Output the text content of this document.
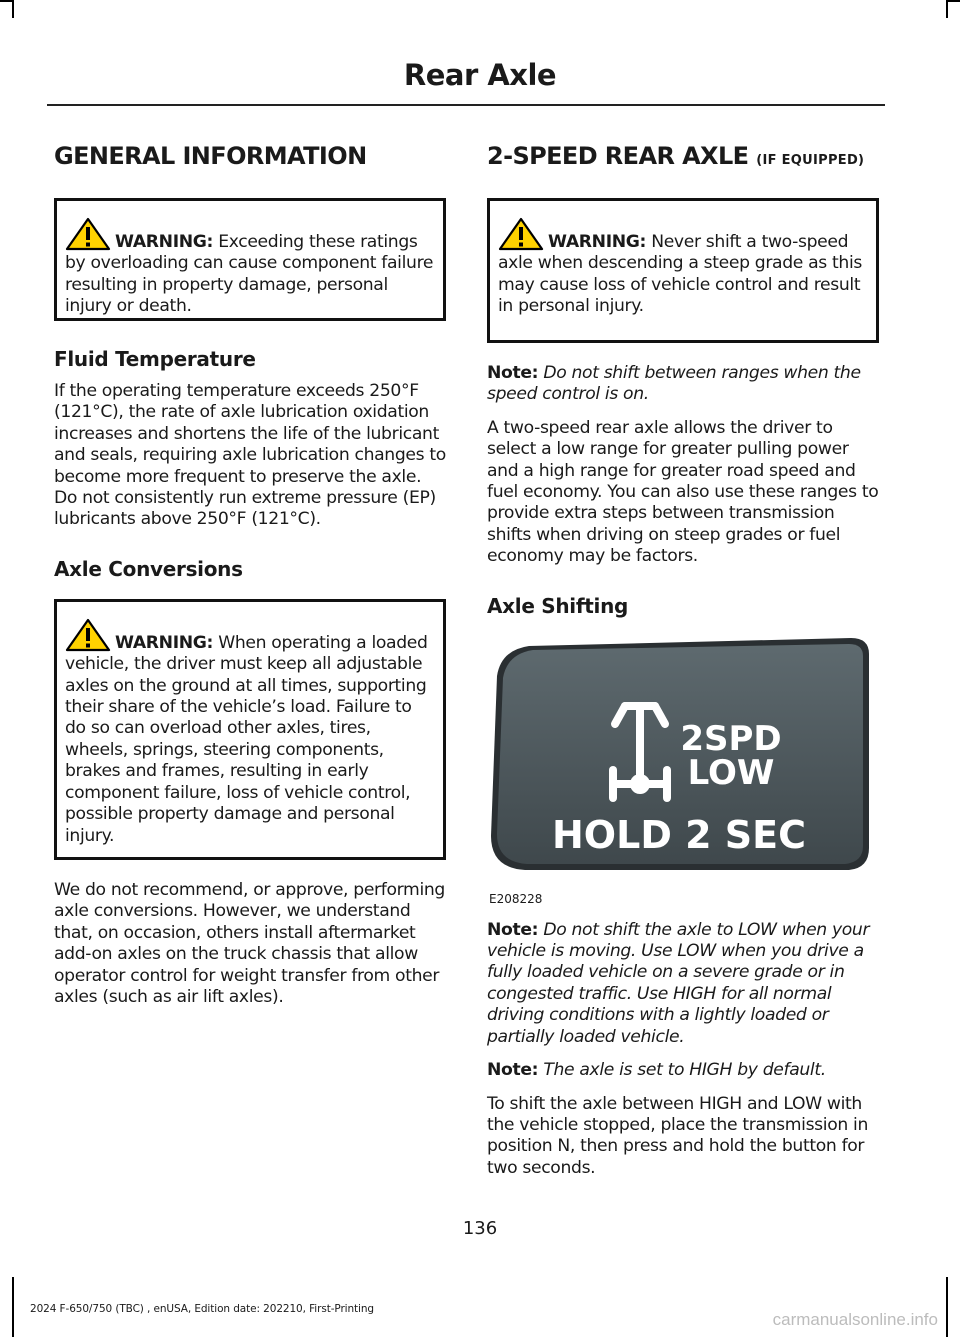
Rear Axle
GENERAL INFORMATION

WARNING: Exceeding these ratings by overloading can cause component failure resulting in property damage, personal injury or death.

Fluid Temperature

If the operating temperature exceeds 250°F (121°C), the rate of axle lubrication oxidation increases and shortens the life of the lubricant and seals, requiring axle lubrication changes to become more frequent to preserve the axle. Do not consistently run extreme pressure (EP) lubricants above 250°F (121°C).

Axle Conversions

WARNING: When operating a loaded vehicle, the driver must keep all adjustable axles on the ground at all times, supporting their share of the vehicle’s load. Failure to do so can overload other axles, tires, wheels, springs, steering components, brakes and frames, resulting in early component failure, loss of vehicle control, possible property damage and personal injury.

We do not recommend, or approve, performing axle conversions. However, we understand that, on occasion, others install aftermarket add-on axles on the truck chassis that allow operator control for weight transfer from other axles (such as air lift axles).

2-SPEED REAR AXLE (IF EQUIPPED)

WARNING: Never shift a two-speed axle when descending a steep grade as this may cause loss of vehicle control and result in personal injury.

Note: Do not shift between ranges when the speed control is on.

A two-speed rear axle allows the driver to select a low range for greater pulling power and a high range for greater road speed and fuel economy. You can also use these ranges to provide extra steps between transmission shifts when driving on steep grades or fuel economy may be factors.

Axle Shifting
2SPD
LOW
HOLD 2 SEC
E208228

Note: Do not shift the axle to LOW when your vehicle is moving. Use LOW when you drive a fully loaded vehicle on a severe grade or in congested traffic. Use HIGH for all normal driving conditions with a lightly loaded or partially loaded vehicle.

Note: The axle is set to HIGH by default.

To shift the axle between HIGH and LOW with the vehicle stopped, place the transmission in position N, then press and hold the button for two seconds.

136
2024 F-650/750 (TBC) , enUSA, Edition date: 202210, First-Printing
carmanualsonline.info
